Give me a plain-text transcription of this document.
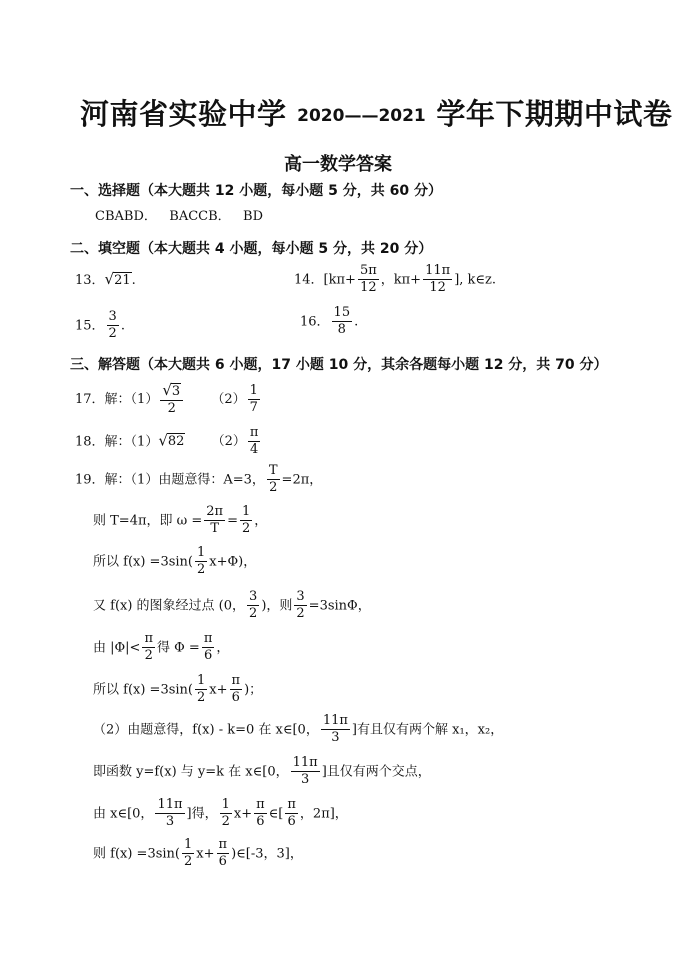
河南省实验中学 2020——2021 学年下期期中试卷
高一数学答案
一、选择题（本大题共 12 小题，每小题 5 分，共 60 分）
CBABD．   BACCB．   BD
二、填空题（本大题共 4 小题，每小题 5 分，共 20 分）
13．√21.	14．[$k\pi+ \frac{5\pi}{12}$ ，$k\pi+ \frac{11\pi}{12}$ ], k∈z.
15． $\frac{3}{2}$ .	16． $\frac{15}{8}$ .
三、解答题（本大题共 6 小题，17 小题 10 分，其余各题每小题 12 分，共 70 分）
17．解：$(1) \frac{√3}{2} (2) \frac{1}{7}$
18．解：（1）√82 $(2) \frac{\pi}{4}$
19．解：（1）由题意得：A=3， $\frac{T}{2} =2\pi$，
则 T=4π，即 $\omega = \frac{2\pi}{T} = \frac{1}{2}$ ，
所以 $f(x) =3\sin( \frac{1}{2} x+\Phi)$，
又 f(x) 的图象经过点 (0， $\frac{3}{2}$ )，则 $\frac{3}{2} =3\sin\Phi$，
由 $|\Phi|< \frac{\pi}{2}$ 得 $\Phi = \frac{\pi}{6}$ ，
所以 $f(x) =3\sin( \frac{1}{2} x+ \frac{\pi}{6}$ )；
（2）由题意得，f(x) - k=0 在 x∈[0， $\frac{11\pi}{3}$ ]有且仅有两个解 x₁，x₂，
即函数 y=f(x) 与 y=k 在 x∈[0， $\frac{11\pi}{3}$ ]且仅有两个交点，
由 x∈[0， $\frac{11\pi}{3}$ ]得， $\frac{1}{2} x+ \frac{\pi}{6}$ ∈[ $\frac{\pi}{6}$ ，2π]，
则 $f(x) =3\sin( \frac{1}{2} x+ \frac{\pi}{6}$ )∈[-3，3]，
